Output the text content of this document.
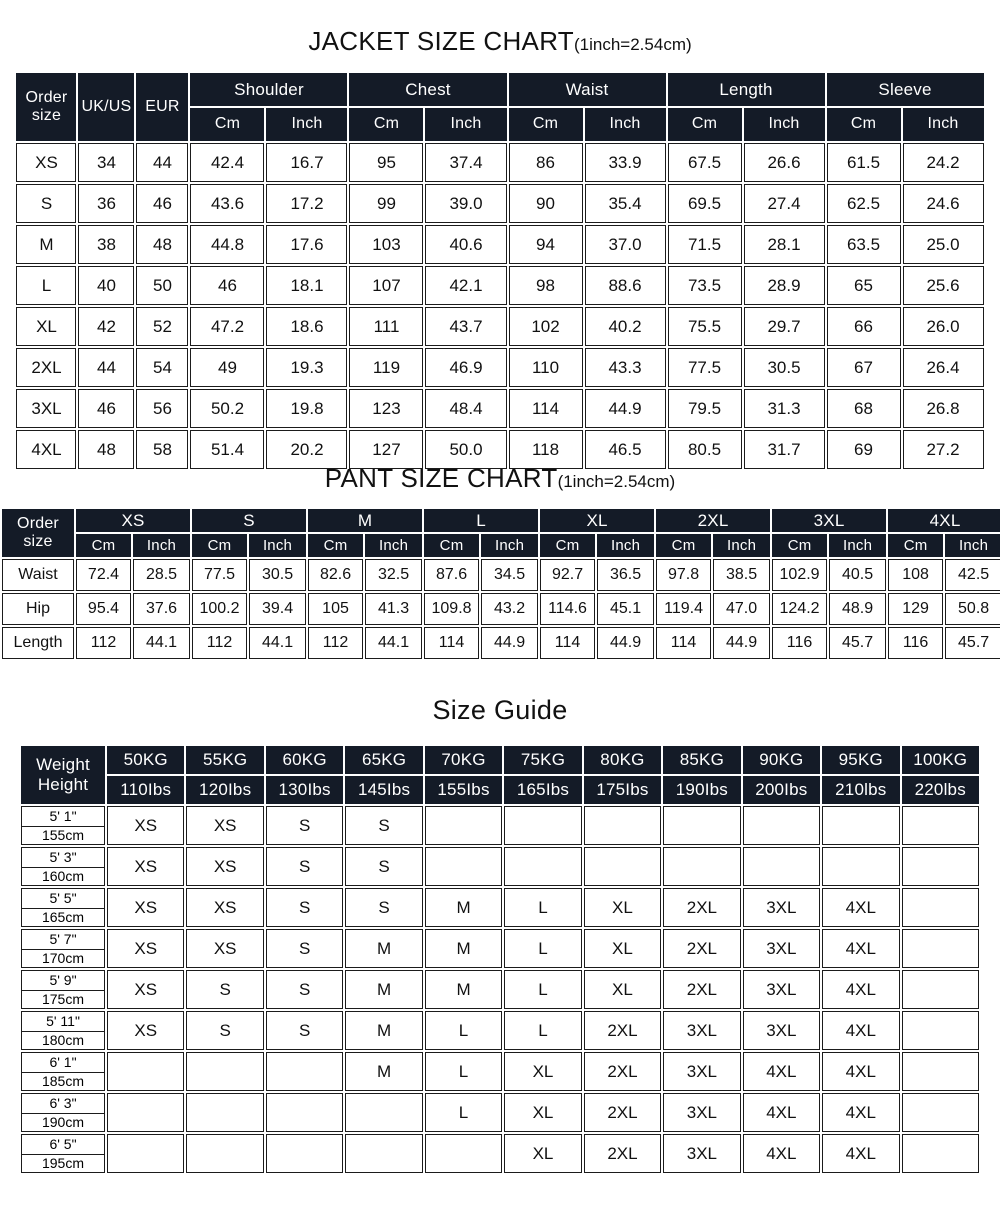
JACKET SIZE CHART(1inch=2.54cm)
Order
size	UK/US	EUR	Shoulder		Chest		Waist		Length		Sleeve	
			Cm	Inch	Cm	Inch	Cm	Inch	Cm	Inch	Cm	Inch
XS	34	44	42.4	16.7	95	37.4	86	33.9	67.5	26.6	61.5	24.2
S	36	46	43.6	17.2	99	39.0	90	35.4	69.5	27.4	62.5	24.6
M	38	48	44.8	17.6	103	40.6	94	37.0	71.5	28.1	63.5	25.0
L	40	50	46	18.1	107	42.1	98	88.6	73.5	28.9	65	25.6
XL	42	52	47.2	18.6	111	43.7	102	40.2	75.5	29.7	66	26.0
2XL	44	54	49	19.3	119	46.9	110	43.3	77.5	30.5	67	26.4
3XL	46	56	50.2	19.8	123	48.4	114	44.9	79.5	31.3	68	26.8
4XL	48	58	51.4	20.2	127	50.0	118	46.5	80.5	31.7	69	27.2
PANT SIZE CHART(1inch=2.54cm)
Order
size	XS		S		M		L		XL		2XL		3XL		4XL	
	Cm	Inch	Cm	Inch	Cm	Inch	Cm	Inch	Cm	Inch	Cm	Inch	Cm	Inch	Cm	Inch
Waist	72.4	28.5	77.5	30.5	82.6	32.5	87.6	34.5	92.7	36.5	97.8	38.5	102.9	40.5	108	42.5
Hip	95.4	37.6	100.2	39.4	105	41.3	109.8	43.2	114.6	45.1	119.4	47.0	124.2	48.9	129	50.8
Length	112	44.1	112	44.1	112	44.1	114	44.9	114	44.9	114	44.9	116	45.7	116	45.7
Size Guide
Weight
Height	50KG	55KG	60KG	65KG	70KG	75KG	80KG	85KG	90KG	95KG	100KG
	110Ibs	120Ibs	130Ibs	145Ibs	155Ibs	165Ibs	175Ibs	190Ibs	200Ibs	210lbs	220lbs

5' 1"
155cm	XS	XS	S	S							

5' 3"
160cm	XS	XS	S	S							

5' 5"
165cm	XS	XS	S	S	M	L	XL	2XL	3XL	4XL	

5' 7"
170cm	XS	XS	S	M	M	L	XL	2XL	3XL	4XL	

5' 9"
175cm	XS	S	S	M	M	L	XL	2XL	3XL	4XL	

5' 11"
180cm	XS	S	S	M	L	L	2XL	3XL	3XL	4XL	

6' 1"
185cm				M	L	XL	2XL	3XL	4XL	4XL	

6' 3"
190cm					L	XL	2XL	3XL	4XL	4XL	

6' 5"
195cm						XL	2XL	3XL	4XL	4XL	
